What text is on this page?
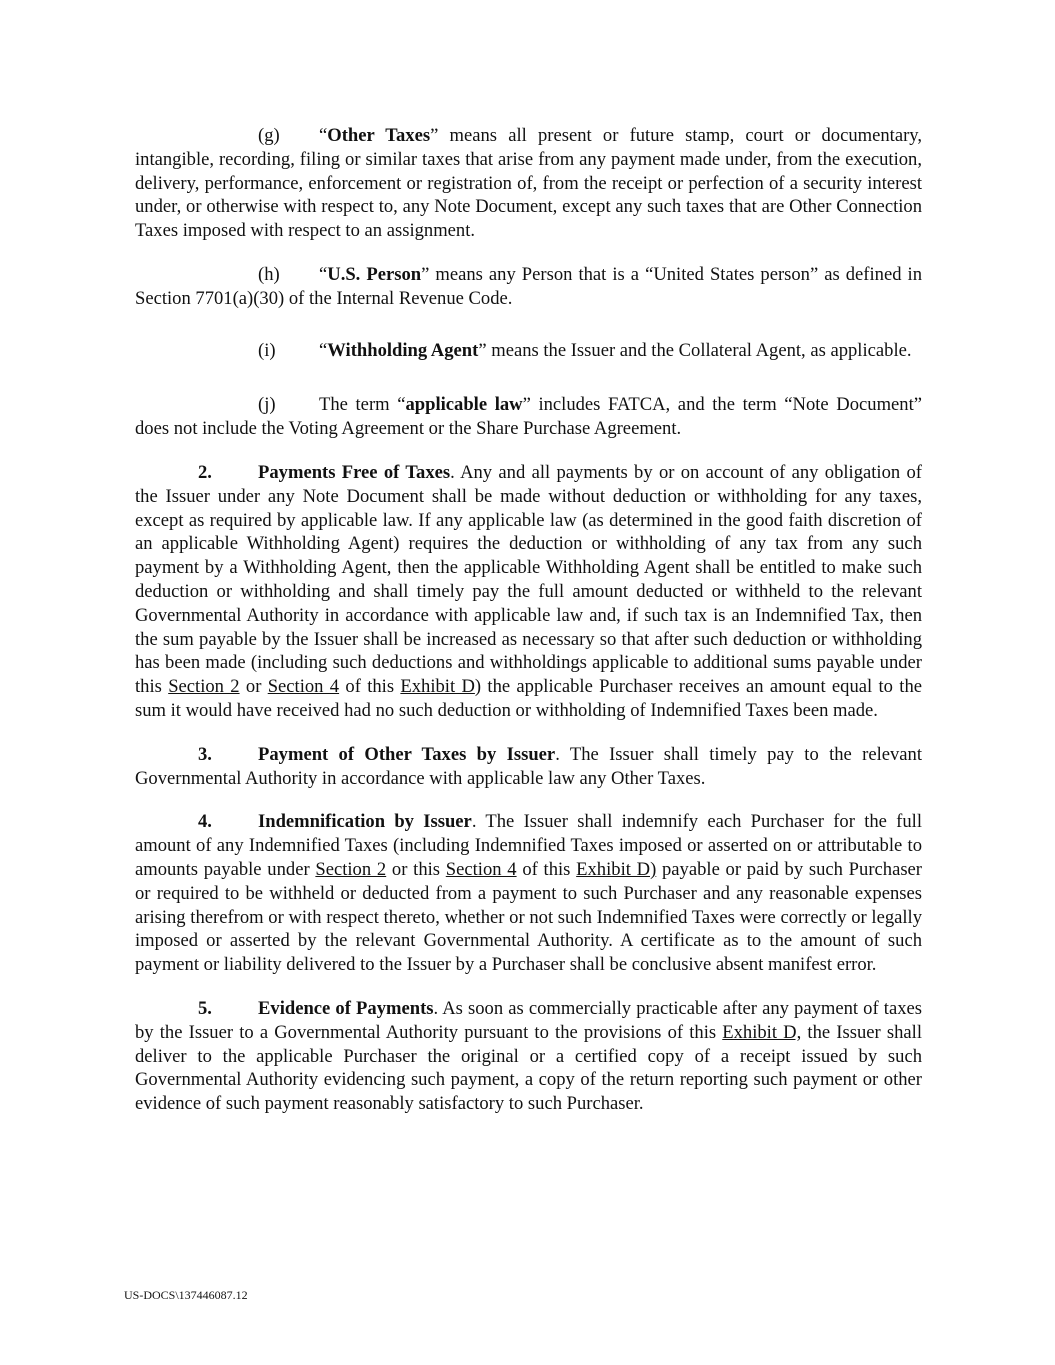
(g) “Other Taxes” means all present or future stamp, court or documentary, intangible, recording, filing or similar taxes that arise from any payment made under, from the execution, delivery, performance, enforcement or registration of, from the receipt or perfection of a security interest under, or otherwise with respect to, any Note Document, except any such taxes that are Other Connection Taxes imposed with respect to an assignment.

(h) “U.S. Person” means any Person that is a “United States person” as defined in Section 7701(a)(30) of the Internal Revenue Code.

(i) “Withholding Agent” means the Issuer and the Collateral Agent, as applicable.

(j) The term “applicable law” includes FATCA, and the term “Note Document” does not include the Voting Agreement or the Share Purchase Agreement.

2. Payments Free of Taxes. Any and all payments by or on account of any obligation of the Issuer under any Note Document shall be made without deduction or withholding for any taxes, except as required by applicable law. If any applicable law (as determined in the good faith discretion of an applicable Withholding Agent) requires the deduction or withholding of any tax from any such payment by a Withholding Agent, then the applicable Withholding Agent shall be entitled to make such deduction or withholding and shall timely pay the full amount deducted or withheld to the relevant Governmental Authority in accordance with applicable law and, if such tax is an Indemnified Tax, then the sum payable by the Issuer shall be increased as necessary so that after such deduction or withholding has been made (including such deductions and withholdings applicable to additional sums payable under this Section 2 or Section 4 of this Exhibit D) the applicable Purchaser receives an amount equal to the sum it would have received had no such deduction or withholding of Indemnified Taxes been made.

3. Payment of Other Taxes by Issuer. The Issuer shall timely pay to the relevant Governmental Authority in accordance with applicable law any Other Taxes.

4. Indemnification by Issuer. The Issuer shall indemnify each Purchaser for the full amount of any Indemnified Taxes (including Indemnified Taxes imposed or asserted on or attributable to amounts payable under Section 2 or this Section 4 of this Exhibit D) payable or paid by such Purchaser or required to be withheld or deducted from a payment to such Purchaser and any reasonable expenses arising therefrom or with respect thereto, whether or not such Indemnified Taxes were correctly or legally imposed or asserted by the relevant Governmental Authority. A certificate as to the amount of such payment or liability delivered to the Issuer by a Purchaser shall be conclusive absent manifest error.

5. Evidence of Payments. As soon as commercially practicable after any payment of taxes by the Issuer to a Governmental Authority pursuant to the provisions of this Exhibit D, the Issuer shall deliver to the applicable Purchaser the original or a certified copy of a receipt issued by such Governmental Authority evidencing such payment, a copy of the return reporting such payment or other evidence of such payment reasonably satisfactory to such Purchaser.

US-DOCS\137446087.12
